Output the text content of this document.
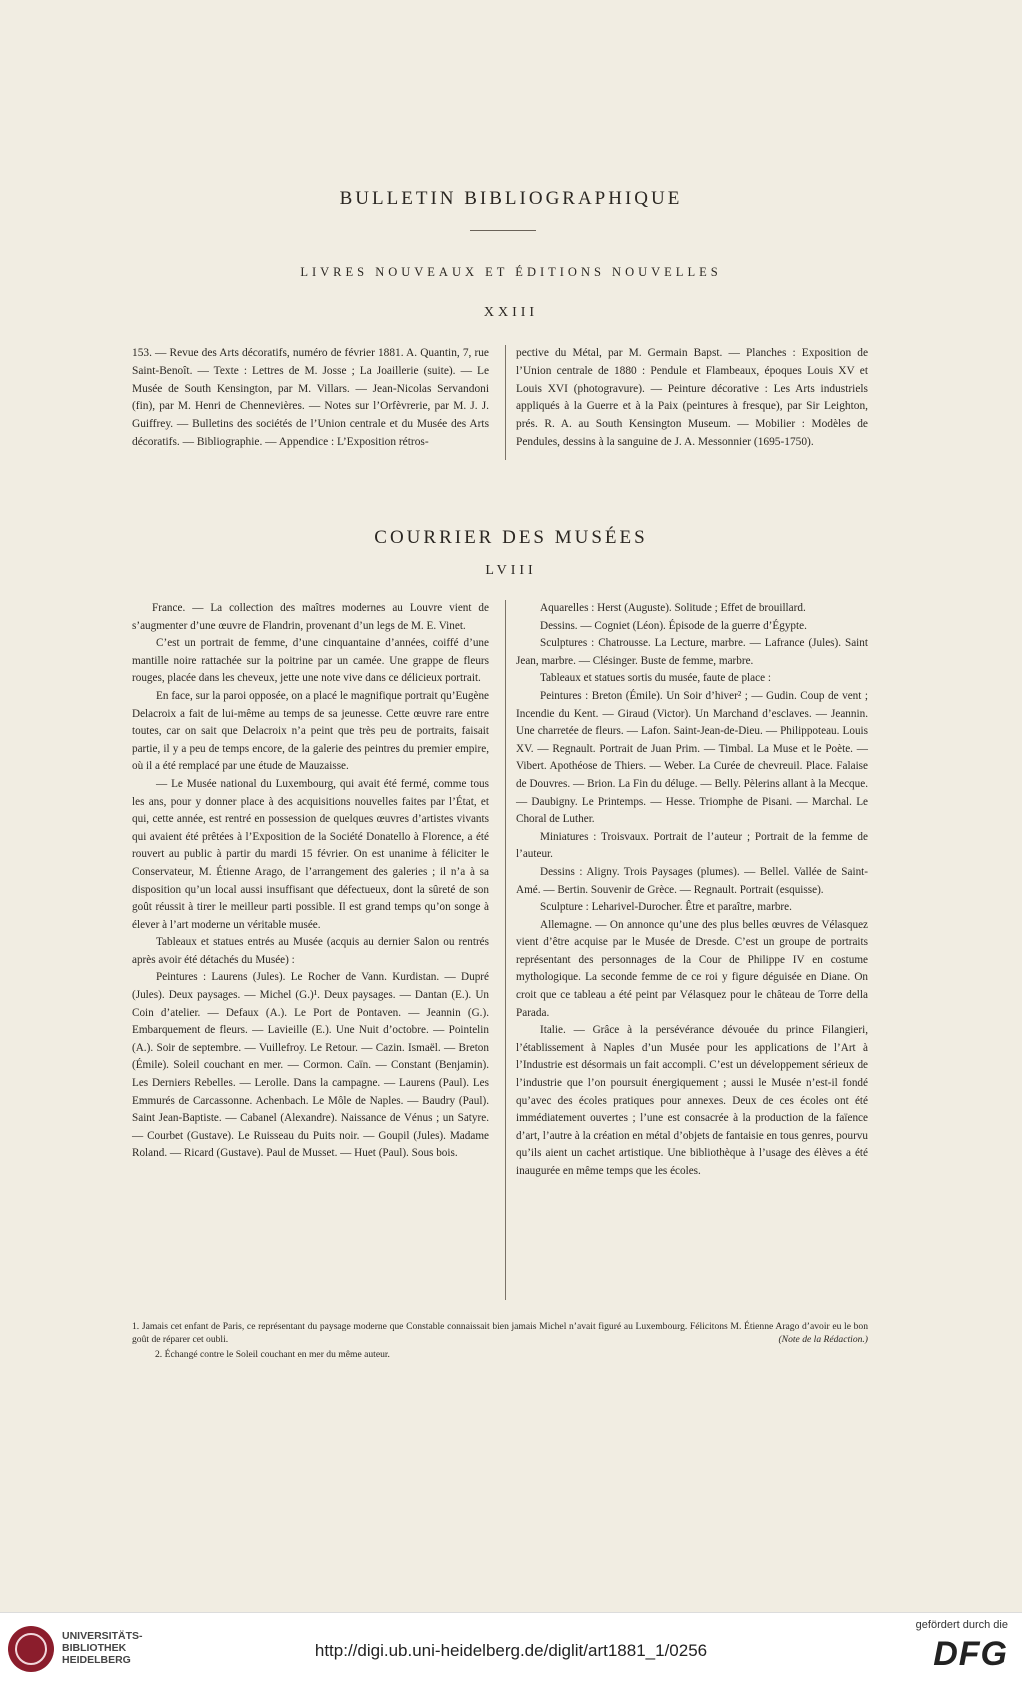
BULLETIN BIBLIOGRAPHIQUE
LIVRES NOUVEAUX ET ÉDITIONS NOUVELLES
XXIII

153. — Revue des Arts décoratifs, numéro de février 1881. A. Quantin, 7, rue Saint-Benoît. — Texte : Lettres de M. Josse ; La Joaillerie (suite). — Le Musée de South Kensington, par M. Villars. — Jean-Nicolas Servandoni (fin), par M. Henri de Chennevières. — Notes sur l’Orfèvrerie, par M. J. J. Guiffrey. — Bulletins des sociétés de l’Union centrale et du Musée des Arts décoratifs. — Bibliographie. — Appendice : L’Exposition rétros-

pective du Métal, par M. Germain Bapst. — Planches : Exposition de l’Union centrale de 1880 : Pendule et Flambeaux, époques Louis XV et Louis XVI (photogravure). — Peinture décorative : Les Arts industriels appliqués à la Guerre et à la Paix (peintures à fresque), par Sir Leighton, prés. R. A. au South Kensington Museum. — Mobilier : Modèles de Pendules, dessins à la sanguine de J. A. Messonnier (1695-1750).

COURRIER DES MUSÉES
LVIII

France. — La collection des maîtres modernes au Louvre vient de s’augmenter d’une œuvre de Flandrin, provenant d’un legs de M. E. Vinet.

C’est un portrait de femme, d’une cinquantaine d’années, coiffé d’une mantille noire rattachée sur la poitrine par un camée. Une grappe de fleurs rouges, placée dans les cheveux, jette une note vive dans ce délicieux portrait.

En face, sur la paroi opposée, on a placé le magnifique portrait qu’Eugène Delacroix a fait de lui-même au temps de sa jeunesse. Cette œuvre rare entre toutes, car on sait que Delacroix n’a peint que très peu de portraits, faisait partie, il y a peu de temps encore, de la galerie des peintres du premier empire, où il a été remplacé par une étude de Mauzaisse.

— Le Musée national du Luxembourg, qui avait été fermé, comme tous les ans, pour y donner place à des acquisitions nouvelles faites par l’État, et qui, cette année, est rentré en possession de quelques œuvres d’artistes vivants qui avaient été prêtées à l’Exposition de la Société Donatello à Florence, a été rouvert au public à partir du mardi 15 février. On est unanime à féliciter le Conservateur, M. Étienne Arago, de l’arrangement des galeries ; il n’a à sa disposition qu’un local aussi insuffisant que défectueux, dont la sûreté de son goût réussit à tirer le meilleur parti possible. Il est grand temps qu’on songe à élever à l’art moderne un véritable musée.

Tableaux et statues entrés au Musée (acquis au dernier Salon ou rentrés après avoir été détachés du Musée) :

Peintures : Laurens (Jules). Le Rocher de Vann. Kurdistan. — Dupré (Jules). Deux paysages. — Michel (G.)¹. Deux paysages. — Dantan (E.). Un Coin d’atelier. — Defaux (A.). Le Port de Pontaven. — Jeannin (G.). Embarquement de fleurs. — Lavieille (E.). Une Nuit d’octobre. — Pointelin (A.). Soir de septembre. — Vuillefroy. Le Retour. — Cazin. Ismaël. — Breton (Émile). Soleil couchant en mer. — Cormon. Caïn. — Constant (Benjamin). Les Derniers Rebelles. — Lerolle. Dans la campagne. — Laurens (Paul). Les Emmurés de Carcassonne. Achenbach. Le Môle de Naples. — Baudry (Paul). Saint Jean-Baptiste. — Cabanel (Alexandre). Naissance de Vénus ; un Satyre. — Courbet (Gustave). Le Ruisseau du Puits noir. — Goupil (Jules). Madame Roland. — Ricard (Gustave). Paul de Musset. — Huet (Paul). Sous bois.

Aquarelles : Herst (Auguste). Solitude ; Effet de brouillard.

Dessins. — Cogniet (Léon). Épisode de la guerre d’Égypte.

Sculptures : Chatrousse. La Lecture, marbre. — Lafrance (Jules). Saint Jean, marbre. — Clésinger. Buste de femme, marbre.

Tableaux et statues sortis du musée, faute de place :

Peintures : Breton (Émile). Un Soir d’hiver² ; — Gudin. Coup de vent ; Incendie du Kent. — Giraud (Victor). Un Marchand d’esclaves. — Jeannin. Une charretée de fleurs. — Lafon. Saint-Jean-de-Dieu. — Philippoteau. Louis XV. — Regnault. Portrait de Juan Prim. — Timbal. La Muse et le Poète. — Vibert. Apothéose de Thiers. — Weber. La Curée de chevreuil. Place. Falaise de Douvres. — Brion. La Fin du déluge. — Belly. Pèlerins allant à la Mecque. — Daubigny. Le Printemps. — Hesse. Triomphe de Pisani. — Marchal. Le Choral de Luther.

Miniatures : Troisvaux. Portrait de l’auteur ; Portrait de la femme de l’auteur.

Dessins : Aligny. Trois Paysages (plumes). — Bellel. Vallée de Saint-Amé. — Bertin. Souvenir de Grèce. — Regnault. Portrait (esquisse).

Sculpture : Leharivel-Durocher. Être et paraître, marbre.

Allemagne. — On annonce qu’une des plus belles œuvres de Vélasquez vient d’être acquise par le Musée de Dresde. C’est un groupe de portraits représentant des personnages de la Cour de Philippe IV en costume mythologique. La seconde femme de ce roi y figure déguisée en Diane. On croit que ce tableau a été peint par Vélasquez pour le château de Torre della Parada.

Italie. — Grâce à la persévérance dévouée du prince Filangieri, l’établissement à Naples d’un Musée pour les applications de l’Art à l’Industrie est désormais un fait accompli. C’est un développement sérieux de l’industrie que l’on poursuit énergiquement ; aussi le Musée n’est-il fondé qu’avec des écoles pratiques pour annexes. Deux de ces écoles ont été immédiatement ouvertes ; l’une est consacrée à la production de la faïence d’art, l’autre à la création en métal d’objets de fantaisie en tous genres, pourvu qu’ils aient un cachet artistique. Une bibliothèque à l’usage des élèves a été inaugurée en même temps que les écoles.

1. Jamais cet enfant de Paris, ce représentant du paysage moderne que Constable connaissait bien jamais Michel n’avait figuré au Luxembourg. Félicitons M. Étienne Arago d’avoir eu le bon goût de réparer cet oubli.	(Note de la Rédaction.)
2. Échangé contre le Soleil couchant en mer du même auteur.
UNIVERSITÄTS-
BIBLIOTHEK
HEIDELBERG	http://digi.ub.uni-heidelberg.de/diglit/art1881_1/0256
gefördert durch die
DFG
